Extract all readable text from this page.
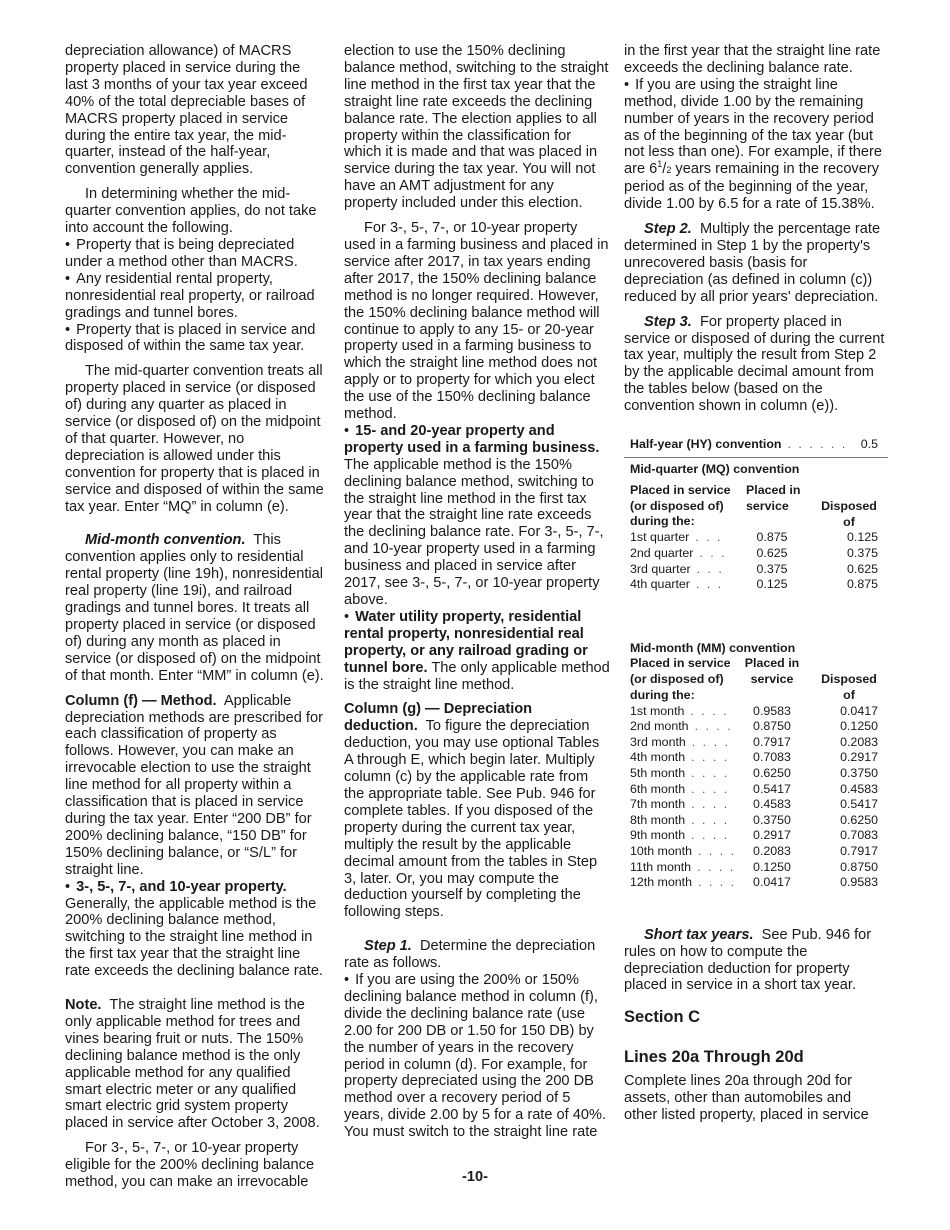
depreciation allowance) of MACRS property placed in service during the last 3 months of your tax year exceed 40% of the total depreciable bases of MACRS property placed in service during the entire tax year, the mid-quarter, instead of the half-year, convention generally applies.

In determining whether the mid-quarter convention applies, do not take into account the following.

• Property that is being depreciated under a method other than MACRS.

• Any residential rental property, nonresidential real property, or railroad gradings and tunnel bores.

• Property that is placed in service and disposed of within the same tax year.

The mid-quarter convention treats all property placed in service (or disposed of) during any quarter as placed in service (or disposed of) on the midpoint of that quarter. However, no depreciation is allowed under this convention for property that is placed in service and disposed of within the same tax year. Enter “MQ” in column (e).

Mid-month convention. This convention applies only to residential rental property (line 19h), nonresidential real property (line 19i), and railroad gradings and tunnel bores. It treats all property placed in service (or disposed of) during any month as placed in service (or disposed of) on the midpoint of that month. Enter “MM” in column (e).

Column (f) — Method. Applicable depreciation methods are prescribed for each classification of property as follows. However, you can make an irrevocable election to use the straight line method for all property within a classification that is placed in service during the tax year. Enter “200 DB” for 200% declining balance, “150 DB” for 150% declining balance, or “S/L” for straight line.

• 3-, 5-, 7-, and 10-year property. Generally, the applicable method is the 200% declining balance method, switching to the straight line method in the first tax year that the straight line rate exceeds the declining balance rate.

Note. The straight line method is the only applicable method for trees and vines bearing fruit or nuts. The 150% declining balance method is the only applicable method for any qualified smart electric meter or any qualified smart electric grid system property placed in service after October 3, 2008.

For 3-, 5-, 7-, or 10-year property eligible for the 200% declining balance method, you can make an irrevocable

election to use the 150% declining balance method, switching to the straight line method in the first tax year that the straight line rate exceeds the declining balance rate. The election applies to all property within the classification for which it is made and that was placed in service during the tax year. You will not have an AMT adjustment for any property included under this election.

For 3-, 5-, 7-, or 10-year property used in a farming business and placed in service after 2017, in tax years ending after 2017, the 150% declining balance method is no longer required. However, the 150% declining balance method will continue to apply to any 15- or 20-year property used in a farming business to which the straight line method does not apply or to property for which you elect the use of the 150% declining balance method.

• 15- and 20-year property and property used in a farming business. The applicable method is the 150% declining balance method, switching to the straight line method in the first tax year that the straight line rate exceeds the declining balance rate. For 3-, 5-, 7-, and 10-year property used in a farming business and placed in service after 2017, see 3-, 5-, 7-, or 10-year property above.

• Water utility property, residential rental property, nonresidential real property, or any railroad grading or tunnel bore. The only applicable method is the straight line method.

Column (g) — Depreciation deduction. To figure the depreciation deduction, you may use optional Tables A through E, which begin later. Multiply column (c) by the applicable rate from the appropriate table. See Pub. 946 for complete tables. If you disposed of the property during the current tax year, multiply the result by the applicable decimal amount from the tables in Step 3, later. Or, you may compute the deduction yourself by completing the following steps.

Step 1. Determine the depreciation rate as follows.

• If you are using the 200% or 150% declining balance method in column (f), divide the declining balance rate (use 2.00 for 200 DB or 1.50 for 150 DB) by the number of years in the recovery period in column (d). For example, for property depreciated using the 200 DB method over a recovery period of 5 years, divide 2.00 by 5 for a rate of 40%. You must switch to the straight line rate

in the first year that the straight line rate exceeds the declining balance rate.

• If you are using the straight line method, divide 1.00 by the remaining number of years in the recovery period as of the beginning of the tax year (but not less than one). For example, if there are $6^1/2$ years remaining in the recovery period as of the beginning of the year, divide 1.00 by 6.5 for a rate of 15.38%.

Step 2. Multiply the percentage rate determined in Step 1 by the property's unrecovered basis (basis for depreciation (as defined in column (c)) reduced by all prior years' depreciation.

Step 3. For property placed in service or disposed of during the current tax year, multiply the result from Step 2 by the applicable decimal amount from the tables below (based on the convention shown in column (e)).

Half-year (HY) convention . . . . . . 0.5
Mid-quarter (MQ) convention
Placed in service (or disposed of) during the:
Placed in service	Disposed of
1st quarter . . .	0.875	0.125
2nd quarter . . .	0.625	0.375
3rd quarter . . .	0.375	0.625
4th quarter . . .	0.125	0.875
Mid-month (MM) convention
Placed in service (or disposed of) during the:
Placed in service	Disposed of
1st month . . . .	0.9583	0.0417
2nd month . . . .	0.8750	0.1250
3rd month . . . .	0.7917	0.2083
4th month . . . .	0.7083	0.2917
5th month . . . .	0.6250	0.3750
6th month . . . .	0.5417	0.4583
7th month . . . .	0.4583	0.5417
8th month . . . .	0.3750	0.6250
9th month . . . .	0.2917	0.7083
10th month . . . .	0.2083	0.7917
11th month . . . .	0.1250	0.8750
12th month . . . .	0.0417	0.9583

Short tax years. See Pub. 946 for rules on how to compute the depreciation deduction for property placed in service in a short tax year.

Section C
Lines 20a Through 20d

Complete lines 20a through 20d for assets, other than automobiles and other listed property, placed in service

-10-
